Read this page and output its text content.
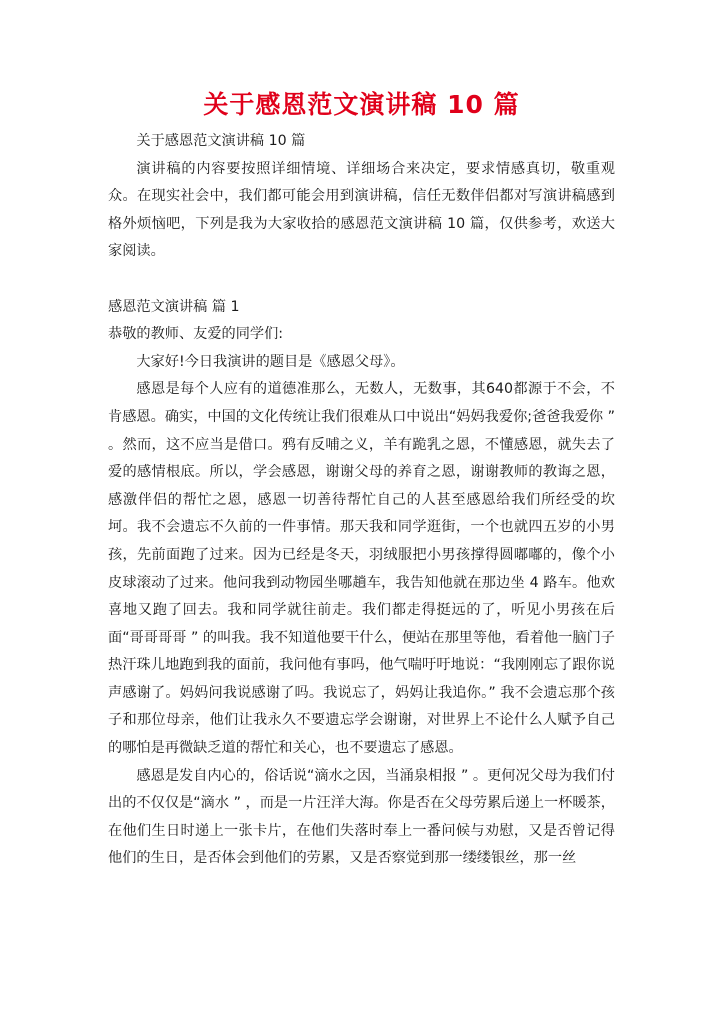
关于感恩范文演讲稿 10 篇

关于感恩范文演讲稿 10 篇

演讲稿的内容要按照详细情境、详细场合来决定，要求情感真切，敬重观众。在现实社会中，我们都可能会用到演讲稿，信任无数伴侣都对写演讲稿感到格外烦恼吧，下列是我为大家收拾的感恩范文演讲稿 10 篇，仅供参考，欢送大家阅读。

感恩范文演讲稿 篇 1

恭敬的教师、友爱的同学们:

大家好!今日我演讲的题目是《感恩父母》。

感恩是每个人应有的道德准那么，无数人，无数事，其640都源于不会，不肯感恩。确实，中国的文化传统让我们很难从口中说出“妈妈我爱你;爸爸我爱你 ” 。然而，这不应当是借口。鸦有反哺之义，羊有跪乳之恩，不懂感恩，就失去了爱的感情根底。所以，学会感恩，谢谢父母的养育之恩，谢谢教师的教诲之恩，感激伴侣的帮忙之恩，感恩一切善待帮忙自己的人甚至感恩给我们所经受的坎坷。我不会遗忘不久前的一件事情。那天我和同学逛街，一个也就四五岁的小男孩，先前面跑了过来。因为已经是冬天，羽绒服把小男孩撑得圆嘟嘟的，像个小皮球滚动了过来。他问我到动物园坐哪趟车，我告知他就在那边坐 4 路车。他欢喜地又跑了回去。我和同学就往前走。我们都走得挺远的了，听见小男孩在后面“哥哥哥哥 ” 的叫我。我不知道他要干什么，便站在那里等他，看着他一脑门子热汗珠儿地跑到我的面前，我问他有事吗，他气喘吁吁地说：“我刚刚忘了跟你说声感谢了。妈妈问我说感谢了吗。我说忘了，妈妈让我追你。” 我不会遗忘那个孩子和那位母亲，他们让我永久不要遗忘学会谢谢，对世界上不论什么人赋予自己的哪怕是再微缺乏道的帮忙和关心，也不要遗忘了感恩。

感恩是发自内心的，俗话说“滴水之因，当涌泉相报 ” 。更何况父母为我们付出的不仅仅是“滴水 ” ，而是一片汪洋大海。你是否在父母劳累后递上一杯暖茶，在他们生日时递上一张卡片，在他们失落时奉上一番问候与劝慰，又是否曾记得他们的生日，是否体会到他们的劳累，又是否察觉到那一缕缕银丝，那一丝
